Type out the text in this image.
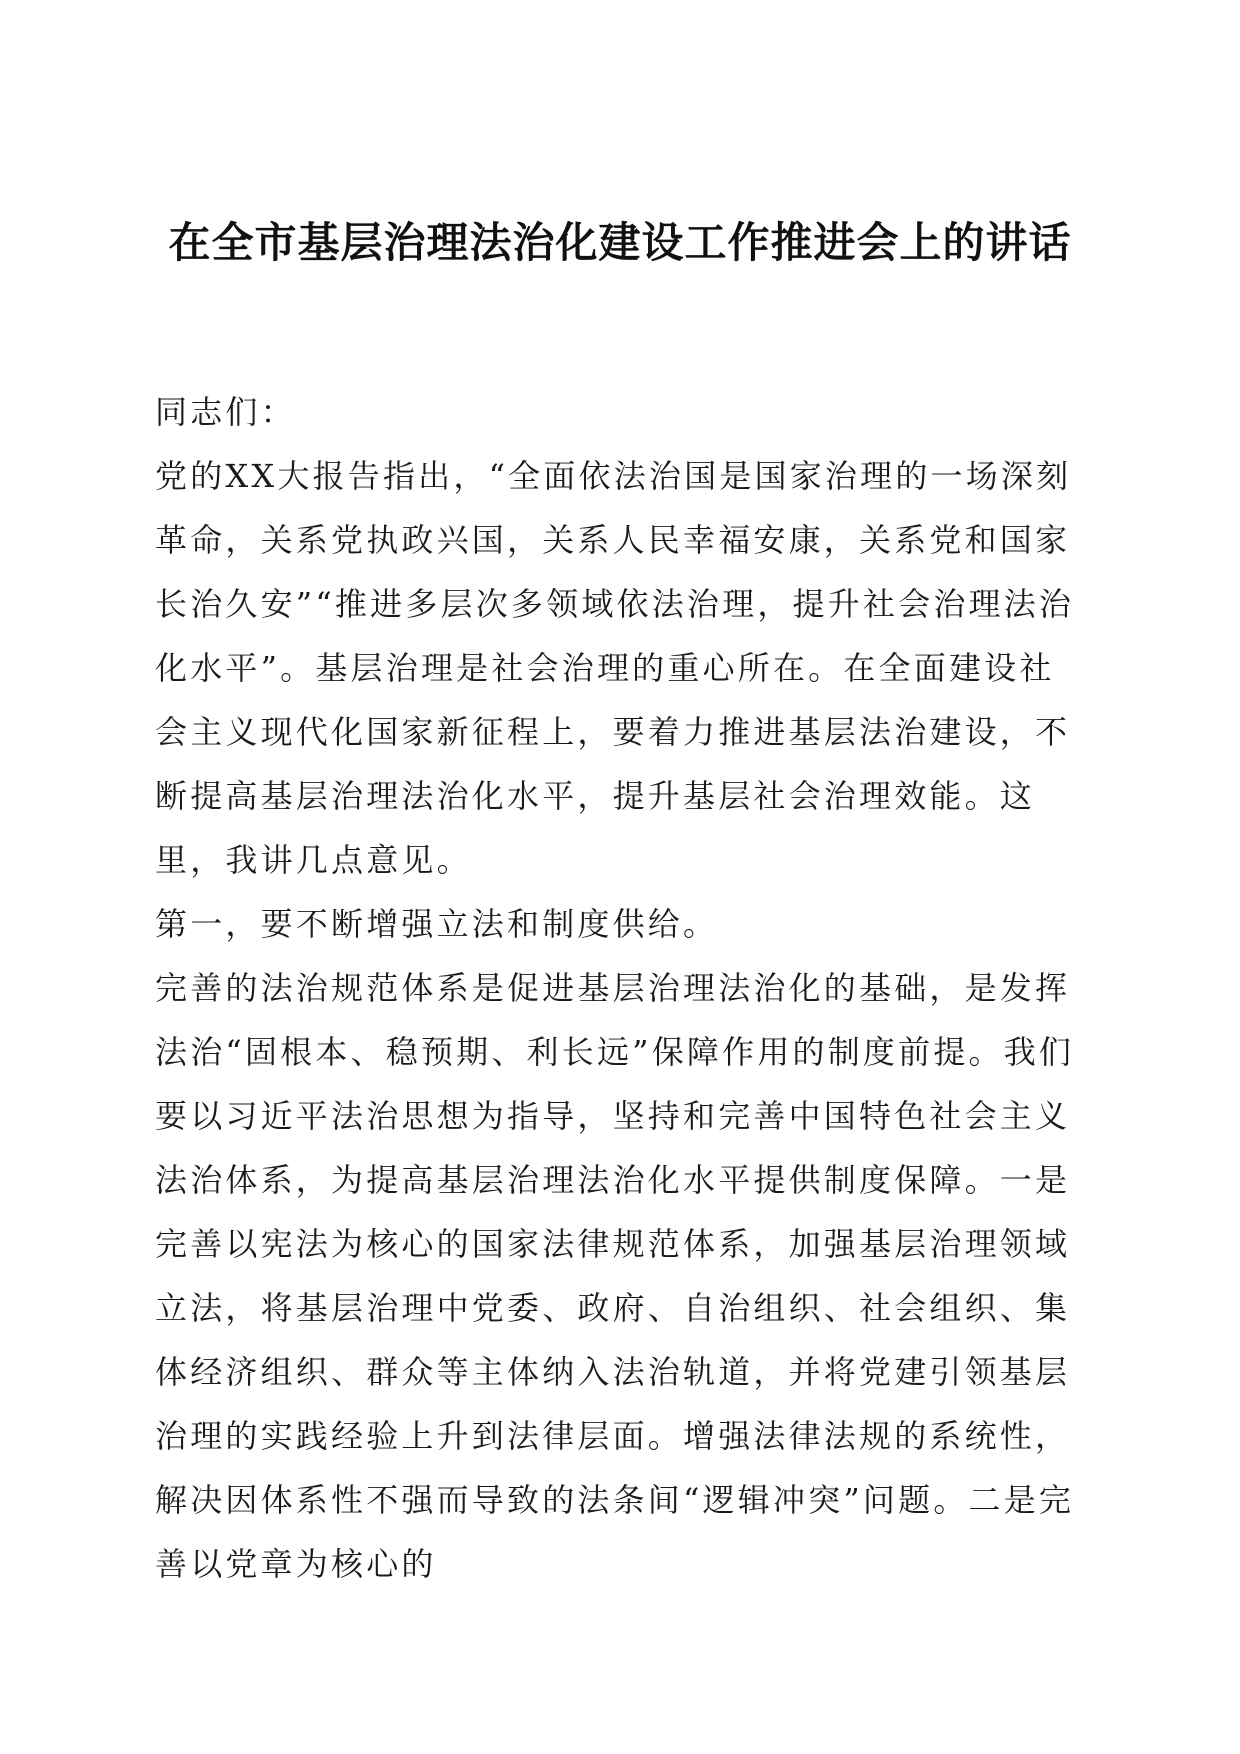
在全市基层治理法治化建设工作推进会上的讲话

同志们：

党的XX大报告指出，“全面依法治国是国家治理的一场深刻革命，关系党执政兴国，关系人民幸福安康，关系党和国家长治久安”“推进多层次多领域依法治理，提升社会治理法治化水平”。基层治理是社会治理的重心所在。在全面建设社会主义现代化国家新征程上，要着力推进基层法治建设，不断提高基层治理法治化水平，提升基层社会治理效能。这里，我讲几点意见。

第一，要不断增强立法和制度供给。

完善的法治规范体系是促进基层治理法治化的基础，是发挥法治“固根本、稳预期、利长远”保障作用的制度前提。我们要以习近平法治思想为指导，坚持和完善中国特色社会主义法治体系，为提高基层治理法治化水平提供制度保障。一是完善以宪法为核心的国家法律规范体系，加强基层治理领域立法，将基层治理中党委、政府、自治组织、社会组织、集体经济组织、群众等主体纳入法治轨道，并将党建引领基层治理的实践经验上升到法律层面。增强法律法规的系统性，解决因体系性不强而导致的法条间“逻辑冲突”问题。二是完善以党章为核心的
